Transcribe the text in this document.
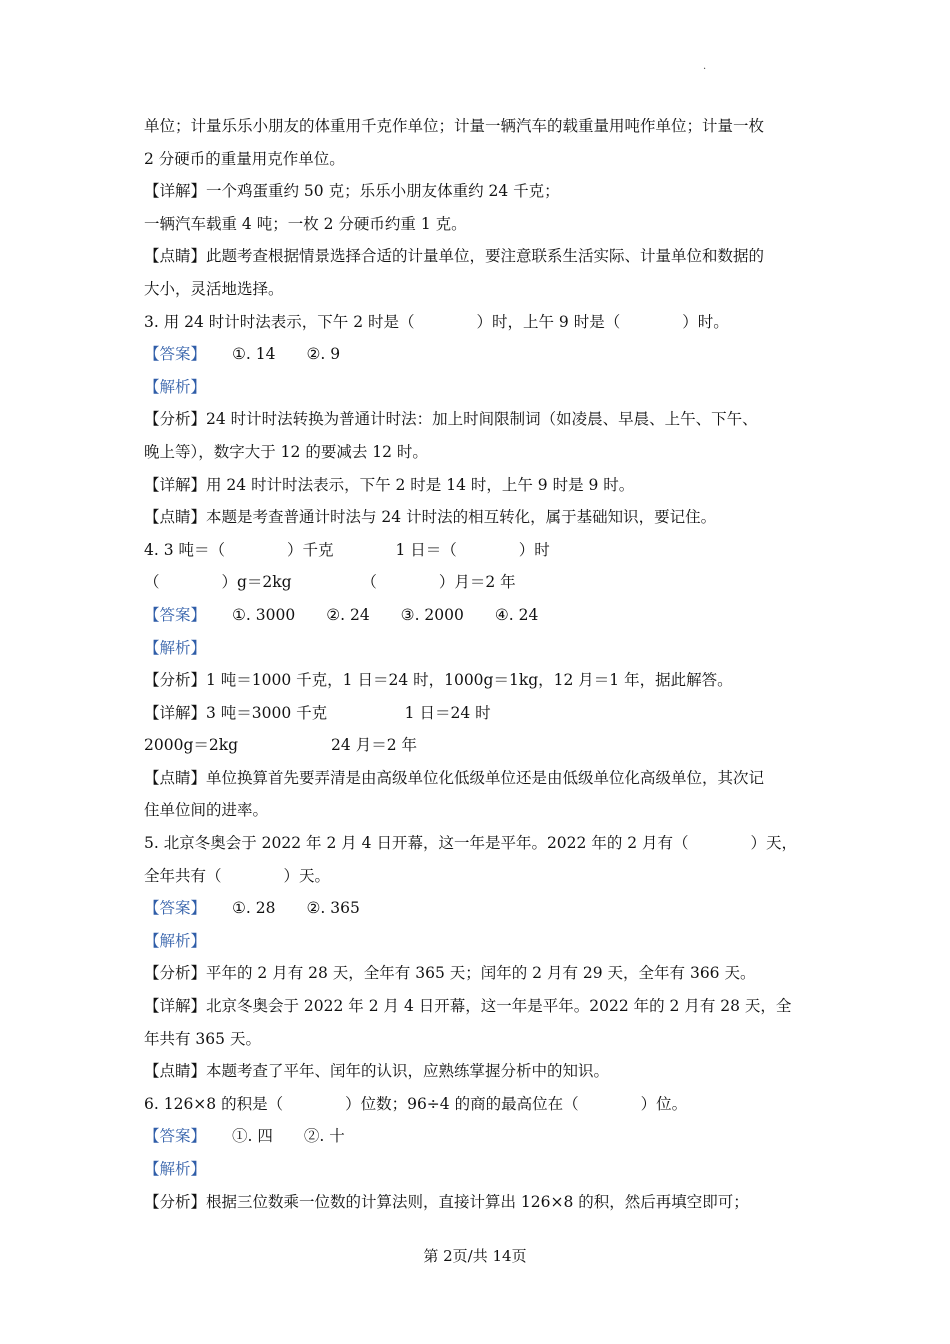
.
单位；计量乐乐小朋友的体重用千克作单位；计量一辆汽车的载重量用吨作单位；计量一枚
2 分硬币的重量用克作单位。
【详解】一个鸡蛋重约 50 克；乐乐小朋友体重约 24 千克；
一辆汽车载重 4 吨；一枚 2 分硬币约重 1 克。
【点睛】此题考查根据情景选择合适的计量单位，要注意联系生活实际、计量单位和数据的
大小，灵活地选择。
3. 用 24 时计时法表示，下午 2 时是（　　　　）时，上午 9 时是（　　　　）时。
【答案】 ①. 14　　②. 9
【解析】
【分析】24 时计时法转换为普通计时法：加上时间限制词（如凌晨、早晨、上午、下午、
晚上等），数字大于 12 的要减去 12 时。
【详解】用 24 时计时法表示，下午 2 时是 14 时，上午 9 时是 9 时。
【点睛】本题是考查普通计时法与 24 计时法的相互转化，属于基础知识，要记住。
4. 3 吨＝（　　　　）千克　　　　1 日＝（　　　　）时
（　　　　）g＝2kg　　　　　（　　　　）月＝2 年
【答案】 ①. 3000　　②. 24　　③. 2000　　④. 24
【解析】
【分析】1 吨＝1000 千克，1 日＝24 时，1000g＝1kg，12 月＝1 年，据此解答。
【详解】3 吨＝3000 千克　　　　　1 日＝24 时
2000g＝2kg　　　　　　24 月＝2 年
【点睛】单位换算首先要弄清是由高级单位化低级单位还是由低级单位化高级单位，其次记
住单位间的进率。
5. 北京冬奥会于 2022 年 2 月 4 日开幕，这一年是平年。2022 年的 2 月有（　　　　）天，
全年共有（　　　　）天。
【答案】 ①. 28　　②. 365
【解析】
【分析】平年的 2 月有 28 天，全年有 365 天；闰年的 2 月有 29 天，全年有 366 天。
【详解】北京冬奥会于 2022 年 2 月 4 日开幕，这一年是平年。2022 年的 2 月有 28 天，全
年共有 365 天。
【点睛】本题考查了平年、闰年的认识，应熟练掌握分析中的知识。
6. 126×8 的积是（　　　　）位数；96÷4 的商的最高位在（　　　　）位。
【答案】 ①. 四　　②. 十
【解析】
【分析】根据三位数乘一位数的计算法则，直接计算出 126×8 的积，然后再填空即可；
第 2页/共 14页
